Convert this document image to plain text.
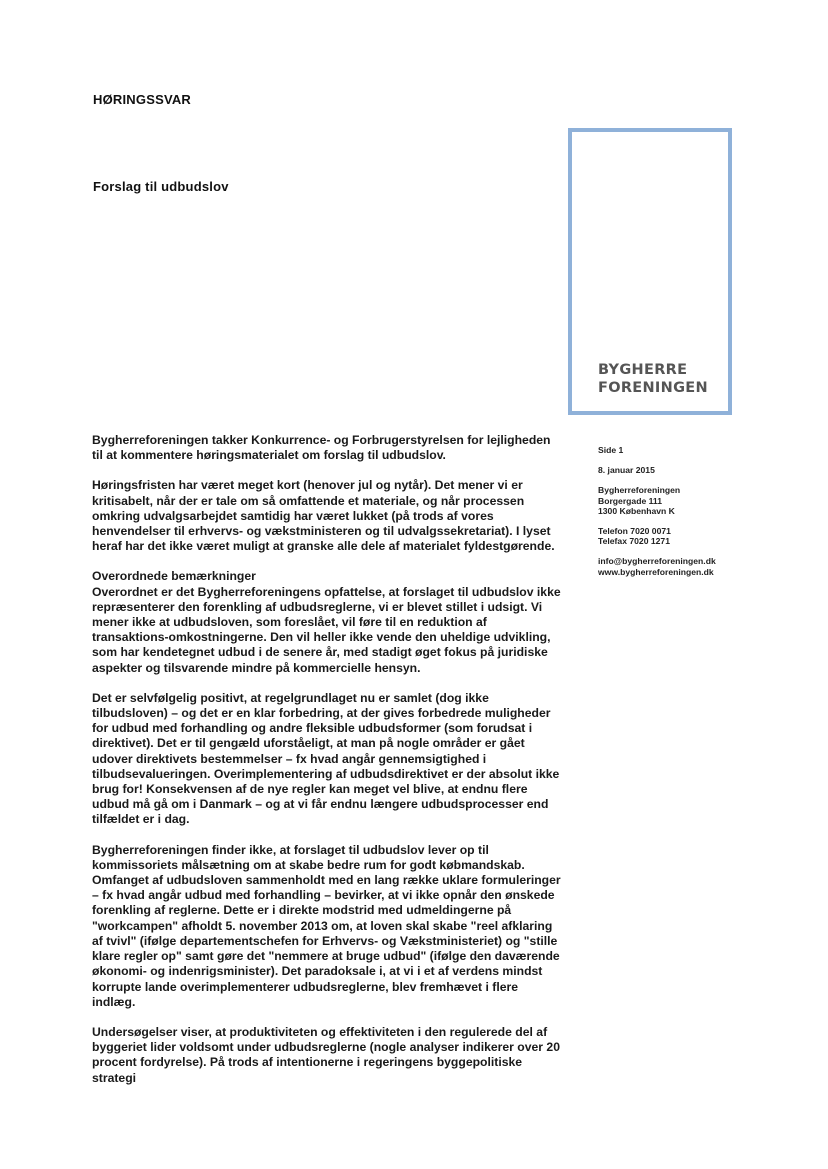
HØRINGSSVAR
Forslag til udbudslov
BYGHERRE
FORENINGEN
Side 1
8. januar 2015
Bygherreforeningen
Borgergade 111
1300 København K
Telefon 7020 0071
Telefax 7020 1271
info@bygherreforeningen.dk
www.bygherreforeningen.dk

Bygherreforeningen takker Konkurrence- og Forbrugerstyrelsen for lejligheden til at kommentere høringsmaterialet om forslag til udbudslov.

Høringsfristen har været meget kort (henover jul og nytår). Det mener vi er kritisabelt, når der er tale om så omfattende et materiale, og når processen omkring udvalgsarbejdet samtidig har været lukket (på trods af vores henvendelser til erhvervs- og vækstministeren og til udvalgssekretariat). I lyset heraf har det ikke været muligt at granske alle dele af materialet fyldestgørende.

Overordnede bemærkninger

Overordnet er det Bygherreforeningens opfattelse, at forslaget til udbudslov ikke repræsenterer den forenkling af udbudsreglerne, vi er blevet stillet i udsigt. Vi mener ikke at udbudsloven, som foreslået, vil føre til en reduktion af transaktions-omkostningerne. Den vil heller ikke vende den uheldige udvikling, som har kendetegnet udbud i de senere år, med stadigt øget fokus på juridiske aspekter og tilsvarende mindre på kommercielle hensyn.

Det er selvfølgelig positivt, at regelgrundlaget nu er samlet (dog ikke tilbudsloven) – og det er en klar forbedring, at der gives forbedrede muligheder for udbud med forhandling og andre fleksible udbudsformer (som forudsat i direktivet). Det er til gengæld uforståeligt, at man på nogle områder er gået udover direktivets bestemmelser – fx hvad angår gennemsigtighed i tilbudsevalueringen. Overimplementering af udbudsdirektivet er der absolut ikke brug for! Konsekvensen af de nye regler kan meget vel blive, at endnu flere udbud må gå om i Danmark – og at vi får endnu længere udbudsprocesser end tilfældet er i dag.

Bygherreforeningen finder ikke, at forslaget til udbudslov lever op til kommissoriets målsætning om at skabe bedre rum for godt købmandskab. Omfanget af udbudsloven sammenholdt med en lang række uklare formuleringer – fx hvad angår udbud med forhandling – bevirker, at vi ikke opnår den ønskede forenkling af reglerne. Dette er i direkte modstrid med udmeldingerne på "workcampen" afholdt 5. november 2013 om, at loven skal skabe "reel afklaring af tvivl" (ifølge departementschefen for Erhvervs- og Vækstministeriet) og "stille klare regler op" samt gøre det "nemmere at bruge udbud" (ifølge den daværende økonomi- og indenrigsminister). Det paradoksale i, at vi i et af verdens mindst korrupte lande overimplementerer udbudsreglerne, blev fremhævet i flere indlæg.

Undersøgelser viser, at produktiviteten og effektiviteten i den regulerede del af byggeriet lider voldsomt under udbudsreglerne (nogle analyser indikerer over 20 procent fordyrelse). På trods af intentionerne i regeringens byggepolitiske strategi
